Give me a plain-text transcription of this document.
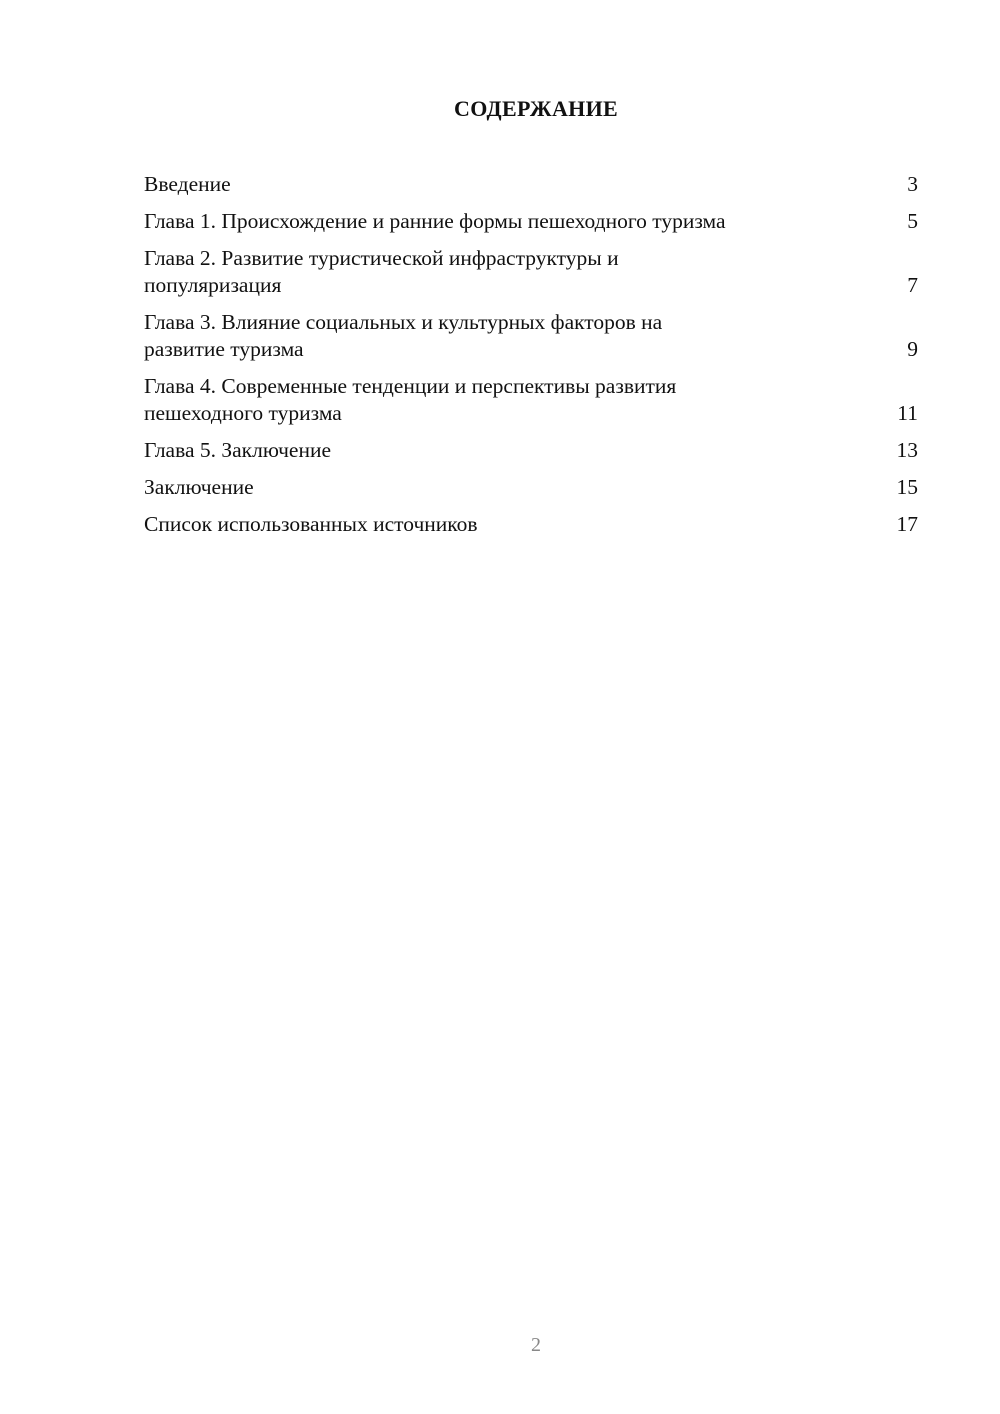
СОДЕРЖАНИЕ
Введение	3
Глава 1. Происхождение и ранние формы пешеходного туризма	5
Глава 2. Развитие туристической инфраструктуры и
популяризация	7
Глава 3. Влияние социальных и культурных факторов на
развитие туризма	9
Глава 4. Современные тенденции и перспективы развития
пешеходного туризма	11
Глава 5. Заключение	13
Заключение	15
Список использованных источников	17
2
